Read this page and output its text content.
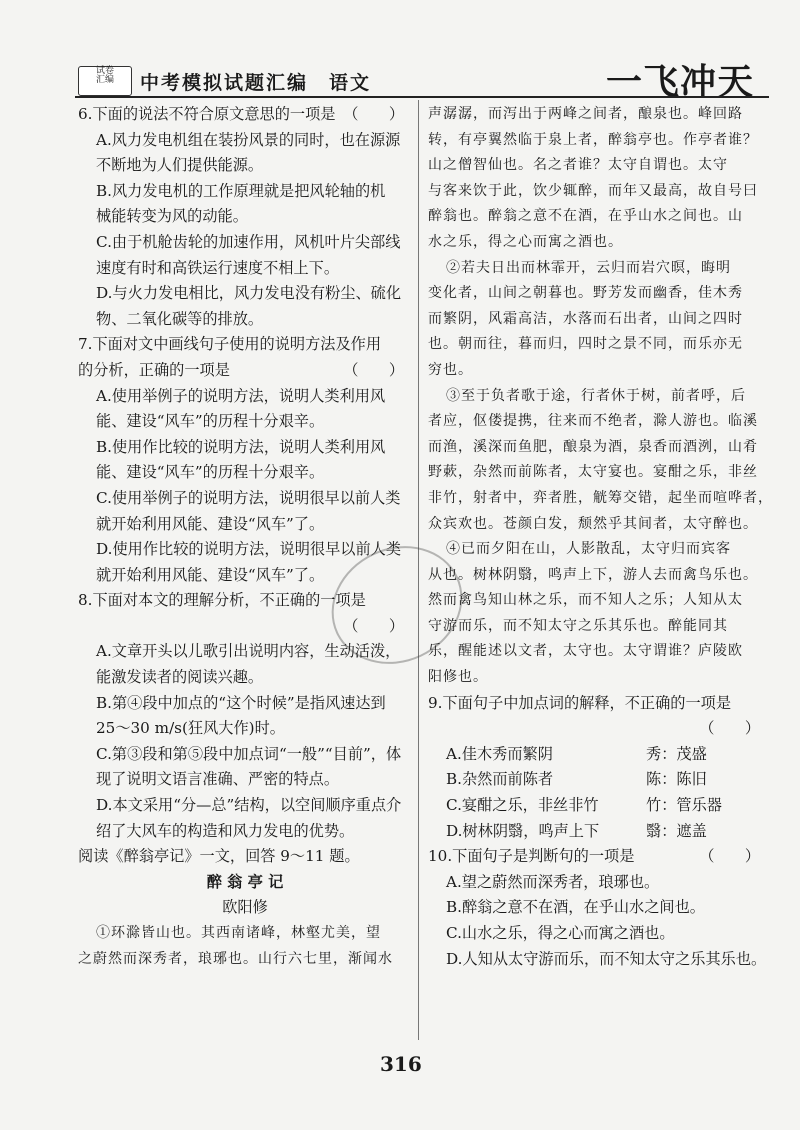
试卷
汇编	中考模拟试题汇编　语文	一飞冲天
6.下面的说法不符合原文意思的一项是 （　　）
A.风力发电机组在装扮风景的同时，也在源源
不断地为人们提供能源。
B.风力发电机的工作原理就是把风轮轴的机
械能转变为风的动能。
C.由于机舱齿轮的加速作用，风机叶片尖部线
速度有时和高铁运行速度不相上下。
D.与火力发电相比，风力发电没有粉尘、硫化
物、二氧化碳等的排放。
7.下面对文中画线句子使用的说明方法及作用
的分析，正确的一项是	（　　）
A.使用举例子的说明方法，说明人类利用风
能、建设“风车”的历程十分艰辛。
B.使用作比较的说明方法，说明人类利用风
能、建设“风车”的历程十分艰辛。
C.使用举例子的说明方法，说明很早以前人类
就开始利用风能、建设“风车”了。
D.使用作比较的说明方法，说明很早以前人类
就开始利用风能、建设“风车”了。
8.下面对本文的理解分析，不正确的一项是
（　　）
A.文章开头以儿歌引出说明内容，生动活泼，
能激发读者的阅读兴趣。
B.第④段中加点的“这个时候”是指风速达到
25～30 m/s(狂风大作)时。
C.第③段和第⑤段中加点词“一般”“目前”，体
现了说明文语言准确、严密的特点。
D.本文采用“分—总”结构，以空间顺序重点介
绍了大风车的构造和风力发电的优势。
阅读《醉翁亭记》一文，回答 9～11 题。
醉 翁 亭 记
欧阳修
①环滁皆山也。其西南诸峰，林壑尤美，望
之蔚然而深秀者，琅琊也。山行六七里，渐闻水
声潺潺，而泻出于两峰之间者，酿泉也。峰回路
转，有亭翼然临于泉上者，醉翁亭也。作亭者谁？
山之僧智仙也。名之者谁？太守自谓也。太守
与客来饮于此，饮少辄醉，而年又最高，故自号曰
醉翁也。醉翁之意不在酒，在乎山水之间也。山
水之乐，得之心而寓之酒也。
②若夫日出而林霏开，云归而岩穴暝，晦明
变化者，山间之朝暮也。野芳发而幽香，佳木秀
而繁阴，风霜高洁，水落而石出者，山间之四时
也。朝而往，暮而归，四时之景不同，而乐亦无
穷也。
③至于负者歌于途，行者休于树，前者呼，后
者应，伛偻提携，往来而不绝者，滁人游也。临溪
而渔，溪深而鱼肥，酿泉为酒，泉香而酒洌，山肴
野蔌，杂然而前陈者，太守宴也。宴酣之乐，非丝
非竹，射者中，弈者胜，觥筹交错，起坐而喧哗者，
众宾欢也。苍颜白发，颓然乎其间者，太守醉也。
④已而夕阳在山，人影散乱，太守归而宾客
从也。树林阴翳，鸣声上下，游人去而禽鸟乐也。
然而禽鸟知山林之乐，而不知人之乐；人知从太
守游而乐，而不知太守之乐其乐也。醉能同其
乐，醒能述以文者，太守也。太守谓谁？庐陵欧
阳修也。
9.下面句子中加点词的解释，不正确的一项是
（　　）
A.佳木秀而繁阴	秀：茂盛
B.杂然而前陈者	陈：陈旧
C.宴酣之乐，非丝非竹	竹：管乐器
D.树林阴翳，鸣声上下	翳：遮盖
10.下面句子是判断句的一项是	（　　）
A.望之蔚然而深秀者，琅琊也。
B.醉翁之意不在酒，在乎山水之间也。
C.山水之乐，得之心而寓之酒也。
D.人知从太守游而乐，而不知太守之乐其乐也。
316
